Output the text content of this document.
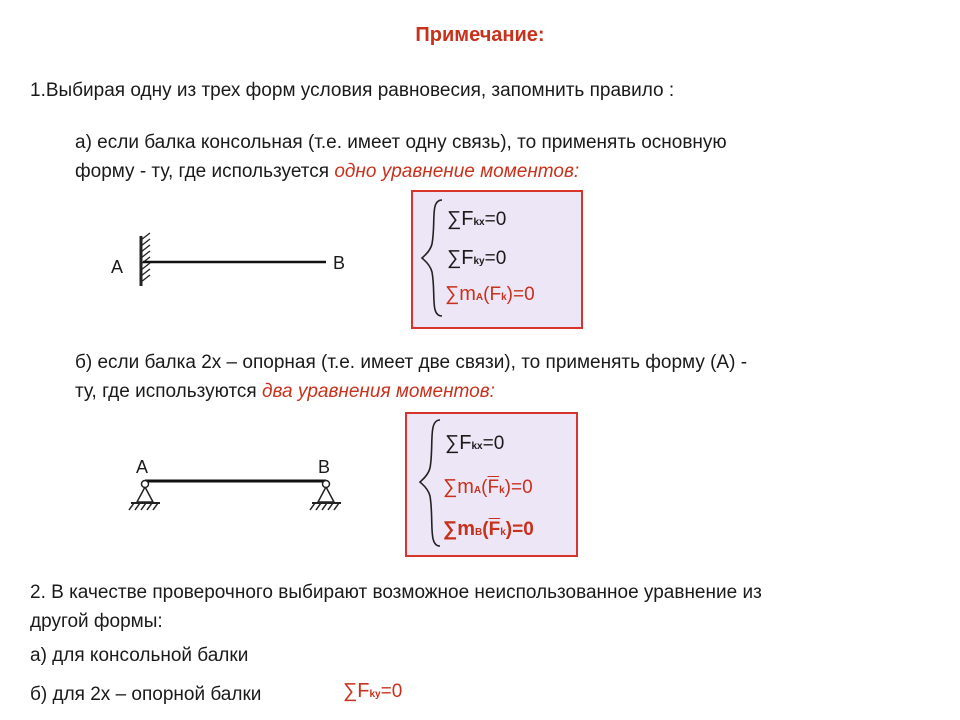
Примечание:
1.Выбирая одну из трех форм условия равновесия, запомнить правило :
а) если балка консольная (т.е. имеет одну связь), то применять основную
форму - ту, где используется одно уравнение моментов:
А	В
∑Fkx=0
∑Fky=0
∑mA(Fk)=0
б) если балка 2х – опорная (т.е. имеет две связи), то применять форму (А) -
ту, где используются два уравнения моментов:
А	В
∑Fkx=0
$\sum mA(\overline{F}k)=0$
$\sum mB(\overline{F}k)=0$
2. В качестве проверочного выбирают возможное неиспользованное уравнение из
другой формы:
а) для консольной балки
б) для 2х – опорной балки	∑Fky=0
